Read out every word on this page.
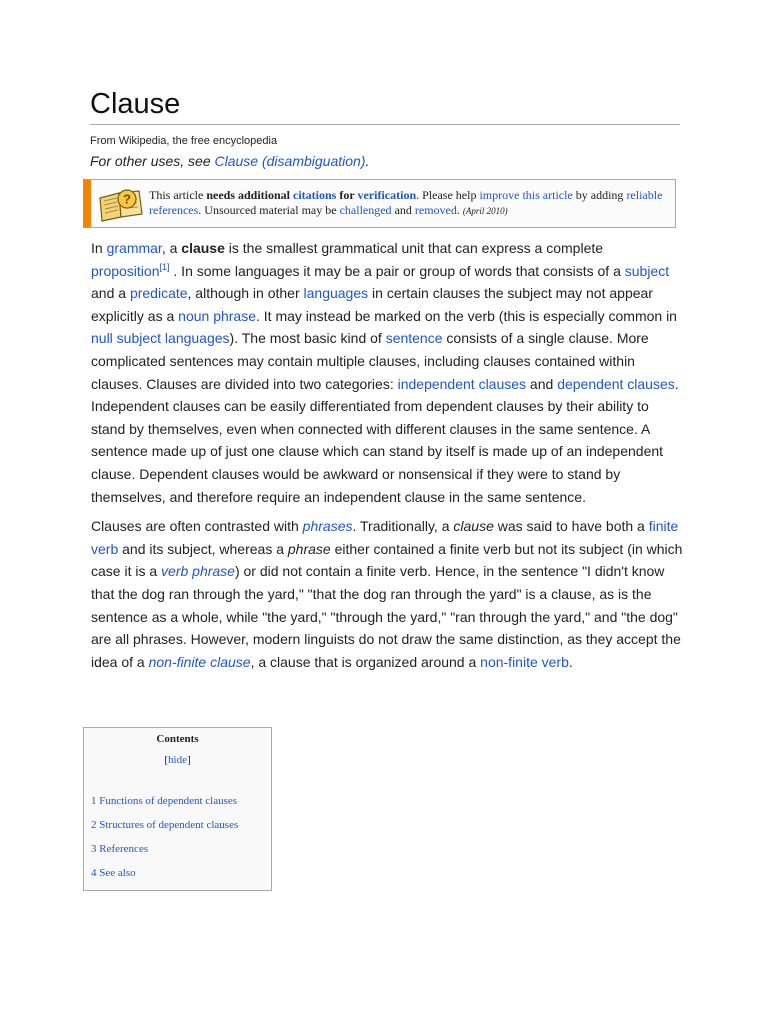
Clause
From Wikipedia, the free encyclopedia
For other uses, see Clause (disambiguation).
? This article needs additional citations for verification. Please help improve this article by adding reliable references. Unsourced material may be challenged and removed. (April 2010)

In grammar, a clause is the smallest grammatical unit that can express a complete proposition[1] . In some languages it may be a pair or group of words that consists of a subject and a predicate, although in other languages in certain clauses the subject may not appear explicitly as a noun phrase. It may instead be marked on the verb (this is especially common in null subject languages). The most basic kind of sentence consists of a single clause. More complicated sentences may contain multiple clauses, including clauses contained within clauses. Clauses are divided into two categories: independent clauses and dependent clauses. Independent clauses can be easily differentiated from dependent clauses by their ability to stand by themselves, even when connected with different clauses in the same sentence. A sentence made up of just one clause which can stand by itself is made up of an independent clause. Dependent clauses would be awkward or nonsensical if they were to stand by themselves, and therefore require an independent clause in the same sentence.

Clauses are often contrasted with phrases. Traditionally, a clause was said to have both a finite verb and its subject, whereas a phrase either contained a finite verb but not its subject (in which case it is a verb phrase) or did not contain a finite verb. Hence, in the sentence "I didn't know that the dog ran through the yard," "that the dog ran through the yard" is a clause, as is the sentence as a whole, while "the yard," "through the yard," "ran through the yard," and "the dog" are all phrases. However, modern linguists do not draw the same distinction, as they accept the idea of a non-finite clause, a clause that is organized around a non-finite verb.

Contents
[hide]
1 Functions of dependent clauses
2 Structures of dependent clauses
3 References
4 See also
